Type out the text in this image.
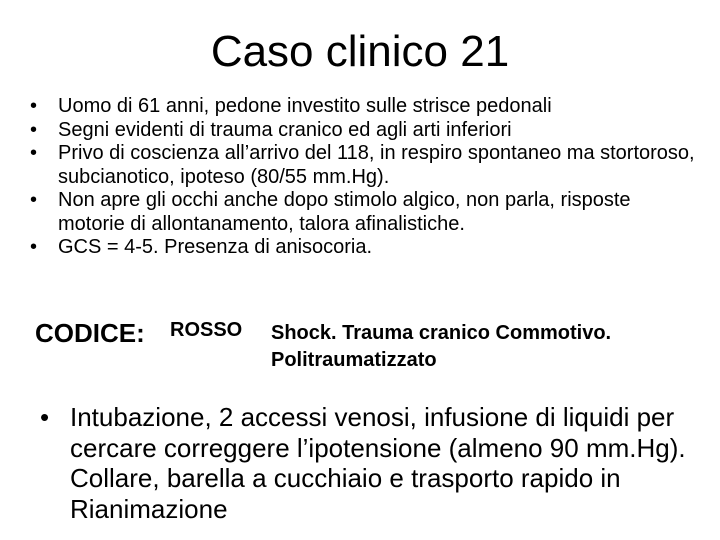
Caso clinico 21
• Uomo di 61 anni, pedone investito sulle strisce pedonali
• Segni evidenti di trauma cranico ed agli arti inferiori
• Privo di coscienza all’arrivo del 118, in respiro spontaneo ma stortoroso, subcianotico, ipoteso (80/55 mm.Hg).
• Non apre gli occhi anche dopo stimolo algico, non parla, risposte motorie di allontanamento, talora afinalistiche.
• GCS = 4-5. Presenza di anisocoria.
CODICE: ROSSO Shock. Trauma cranico Commotivo. Politraumatizzato
• Intubazione, 2 accessi venosi, infusione di liquidi per cercare correggere l’ipotensione (almeno 90 mm.Hg). Collare, barella a cucchiaio e trasporto rapido in Rianimazione
